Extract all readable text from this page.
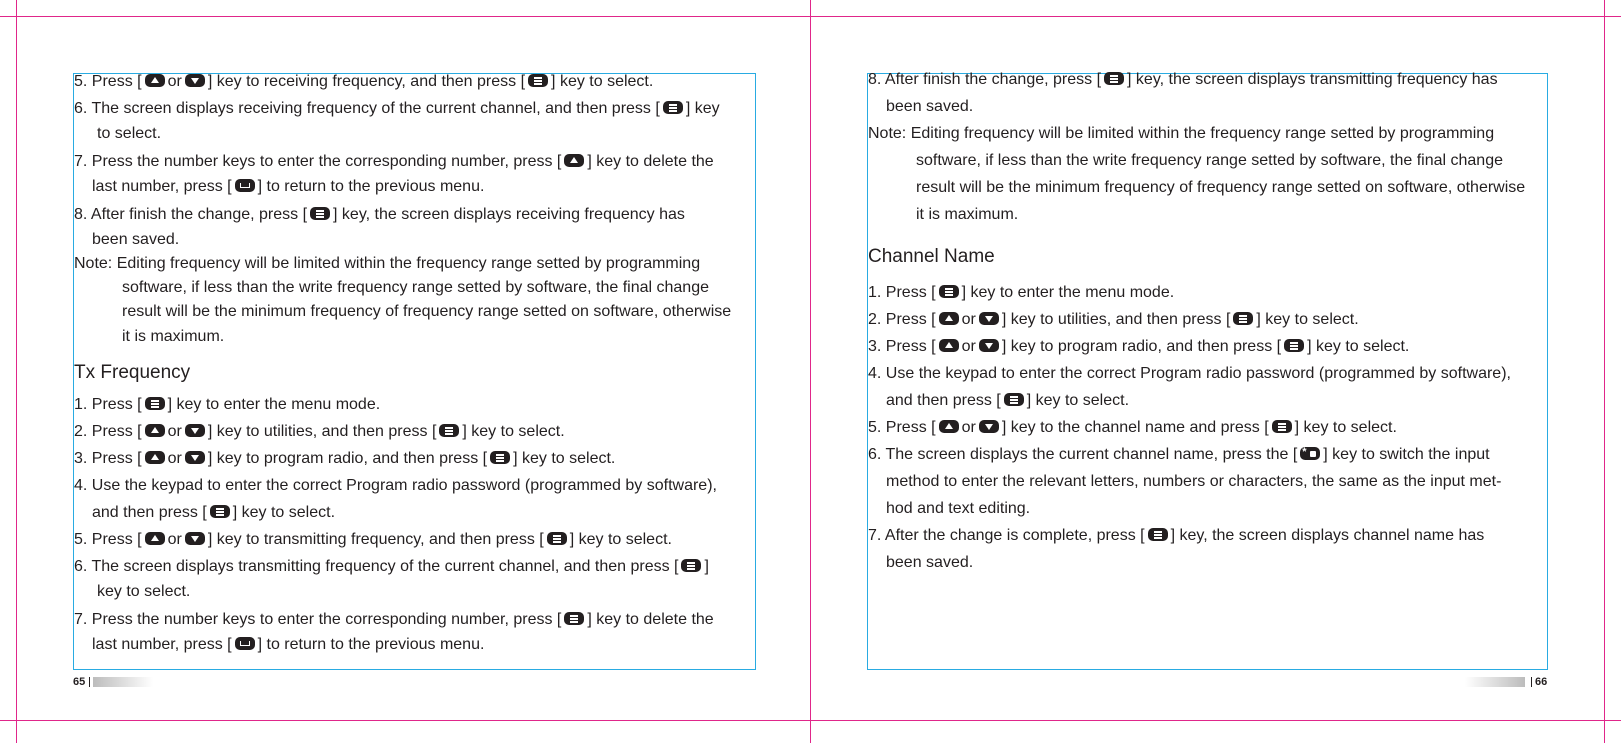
5. Press [ or ] key to receiving frequency, and then press [ ] key to select.
6. The screen displays receiving frequency of the current channel, and then press [ ] key
to select.
7. Press the number keys to enter the corresponding number, press [ ] key to delete the
last number, press [ ] to return to the previous menu.
8. After finish the change, press [ ] key, the screen displays receiving frequency has
been saved.
Note: Editing frequency will be limited within the frequency range setted by programming
software, if less than the write frequency range setted by software, the final change
result will be the minimum frequency of frequency range setted on software, otherwise
it is maximum.
Tx Frequency
1. Press [ ] key to enter the menu mode.
2. Press [ or ] key to utilities, and then press [ ] key to select.
3. Press [ or ] key to program radio, and then press [ ] key to select.
4. Use the keypad to enter the correct Program radio password (programmed by software),
and then press [ ] key to select.
5. Press [ or ] key to transmitting frequency, and then press [ ] key to select.
6. The screen displays transmitting frequency of the current channel, and then press [ ]
key to select.
7. Press the number keys to enter the corresponding number, press [ ] key to delete the
last number, press [ ] to return to the previous menu.
8. After finish the change, press [ ] key, the screen displays transmitting frequency has
been saved.
Note: Editing frequency will be limited within the frequency range setted by programming
software, if less than the write frequency range setted by software, the final change
result will be the minimum frequency of frequency range setted on software, otherwise
it is maximum.
Channel Name
1. Press [ ] key to enter the menu mode.
2. Press [ or ] key to utilities, and then press [ ] key to select.
3. Press [ or ] key to program radio, and then press [ ] key to select.
4. Use the keypad to enter the correct Program radio password (programmed by software),
and then press [ ] key to select.
5. Press [ or ] key to the channel name and press [ ] key to select.
6. The screen displays the current channel name, press the [* ] key to switch the input
method to enter the relevant letters, numbers or characters, the same as the input met-
hod and text editing.
7. After the change is complete, press [ ] key, the screen displays channel name has
been saved.
65	66
